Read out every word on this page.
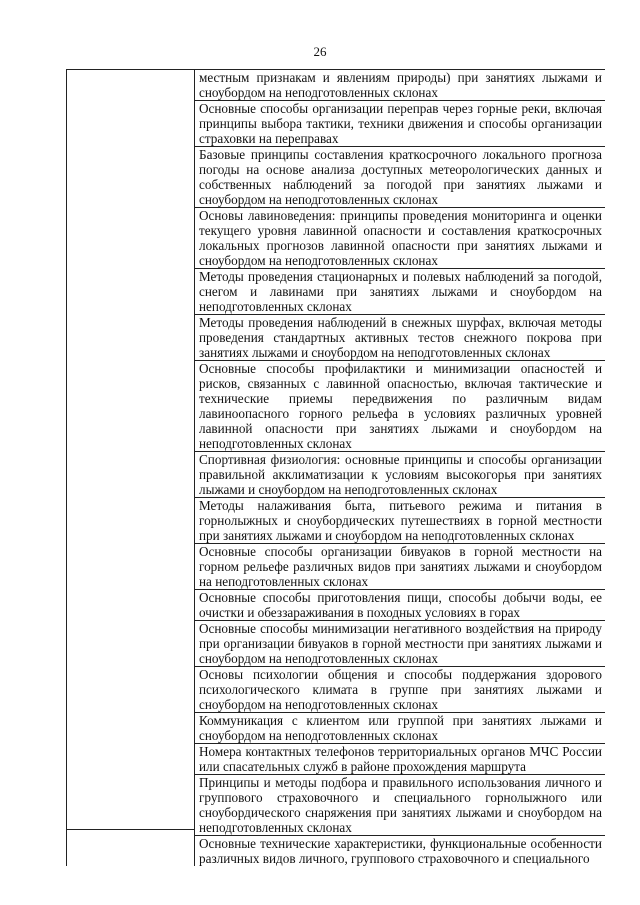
26
местным признакам и явлениям природы) при занятиях лыжами и сноубордом на неподготовленных склонах
Основные способы организации переправ через горные реки, включая принципы выбора тактики, техники движения и способы организации страховки на переправах
Базовые принципы составления краткосрочного локального прогноза погоды на основе анализа доступных метеорологических данных и собственных наблюдений за погодой при занятиях лыжами и сноубордом на неподготовленных склонах
Основы лавиноведения: принципы проведения мониторинга и оценки текущего уровня лавинной опасности и составления краткосрочных локальных прогнозов лавинной опасности при занятиях лыжами и сноубордом на неподготовленных склонах
Методы проведения стационарных и полевых наблюдений за погодой, снегом и лавинами при занятиях лыжами и сноубордом на неподготовленных склонах
Методы проведения наблюдений в снежных шурфах, включая методы проведения стандартных активных тестов снежного покрова при занятиях лыжами и сноубордом на неподготовленных склонах
Основные способы профилактики и минимизации опасностей и рисков, связанных с лавинной опасностью, включая тактические и технические приемы передвижения по различным видам лавиноопасного горного рельефа в условиях различных уровней лавинной опасности при занятиях лыжами и сноубордом на неподготовленных склонах
Спортивная физиология: основные принципы и способы организации правильной акклиматизации к условиям высокогорья при занятиях лыжами и сноубордом на неподготовленных склонах
Методы налаживания быта, питьевого режима и питания в горнолыжных и сноубордических путешествиях в горной местности при занятиях лыжами и сноубордом на неподготовленных склонах
Основные способы организации бивуаков в горной местности на горном рельефе различных видов при занятиях лыжами и сноубордом на неподготовленных склонах
Основные способы приготовления пищи, способы добычи воды, ее очистки и обеззараживания в походных условиях в горах
Основные способы минимизации негативного воздействия на природу при организации бивуаков в горной местности при занятиях лыжами и сноубордом на неподготовленных склонах
Основы психологии общения и способы поддержания здорового психологического климата в группе при занятиях лыжами и сноубордом на неподготовленных склонах
Коммуникация с клиентом или группой при занятиях лыжами и сноубордом на неподготовленных склонах
Номера контактных телефонов территориальных органов МЧС России или спасательных служб в районе прохождения маршрута
Принципы и методы подбора и правильного использования личного и группового страховочного и специального горнолыжного или сноубордического снаряжения при занятиях лыжами и сноубордом на неподготовленных склонах
Основные технические характеристики, функциональные особенности различных видов личного, группового страховочного и специального
